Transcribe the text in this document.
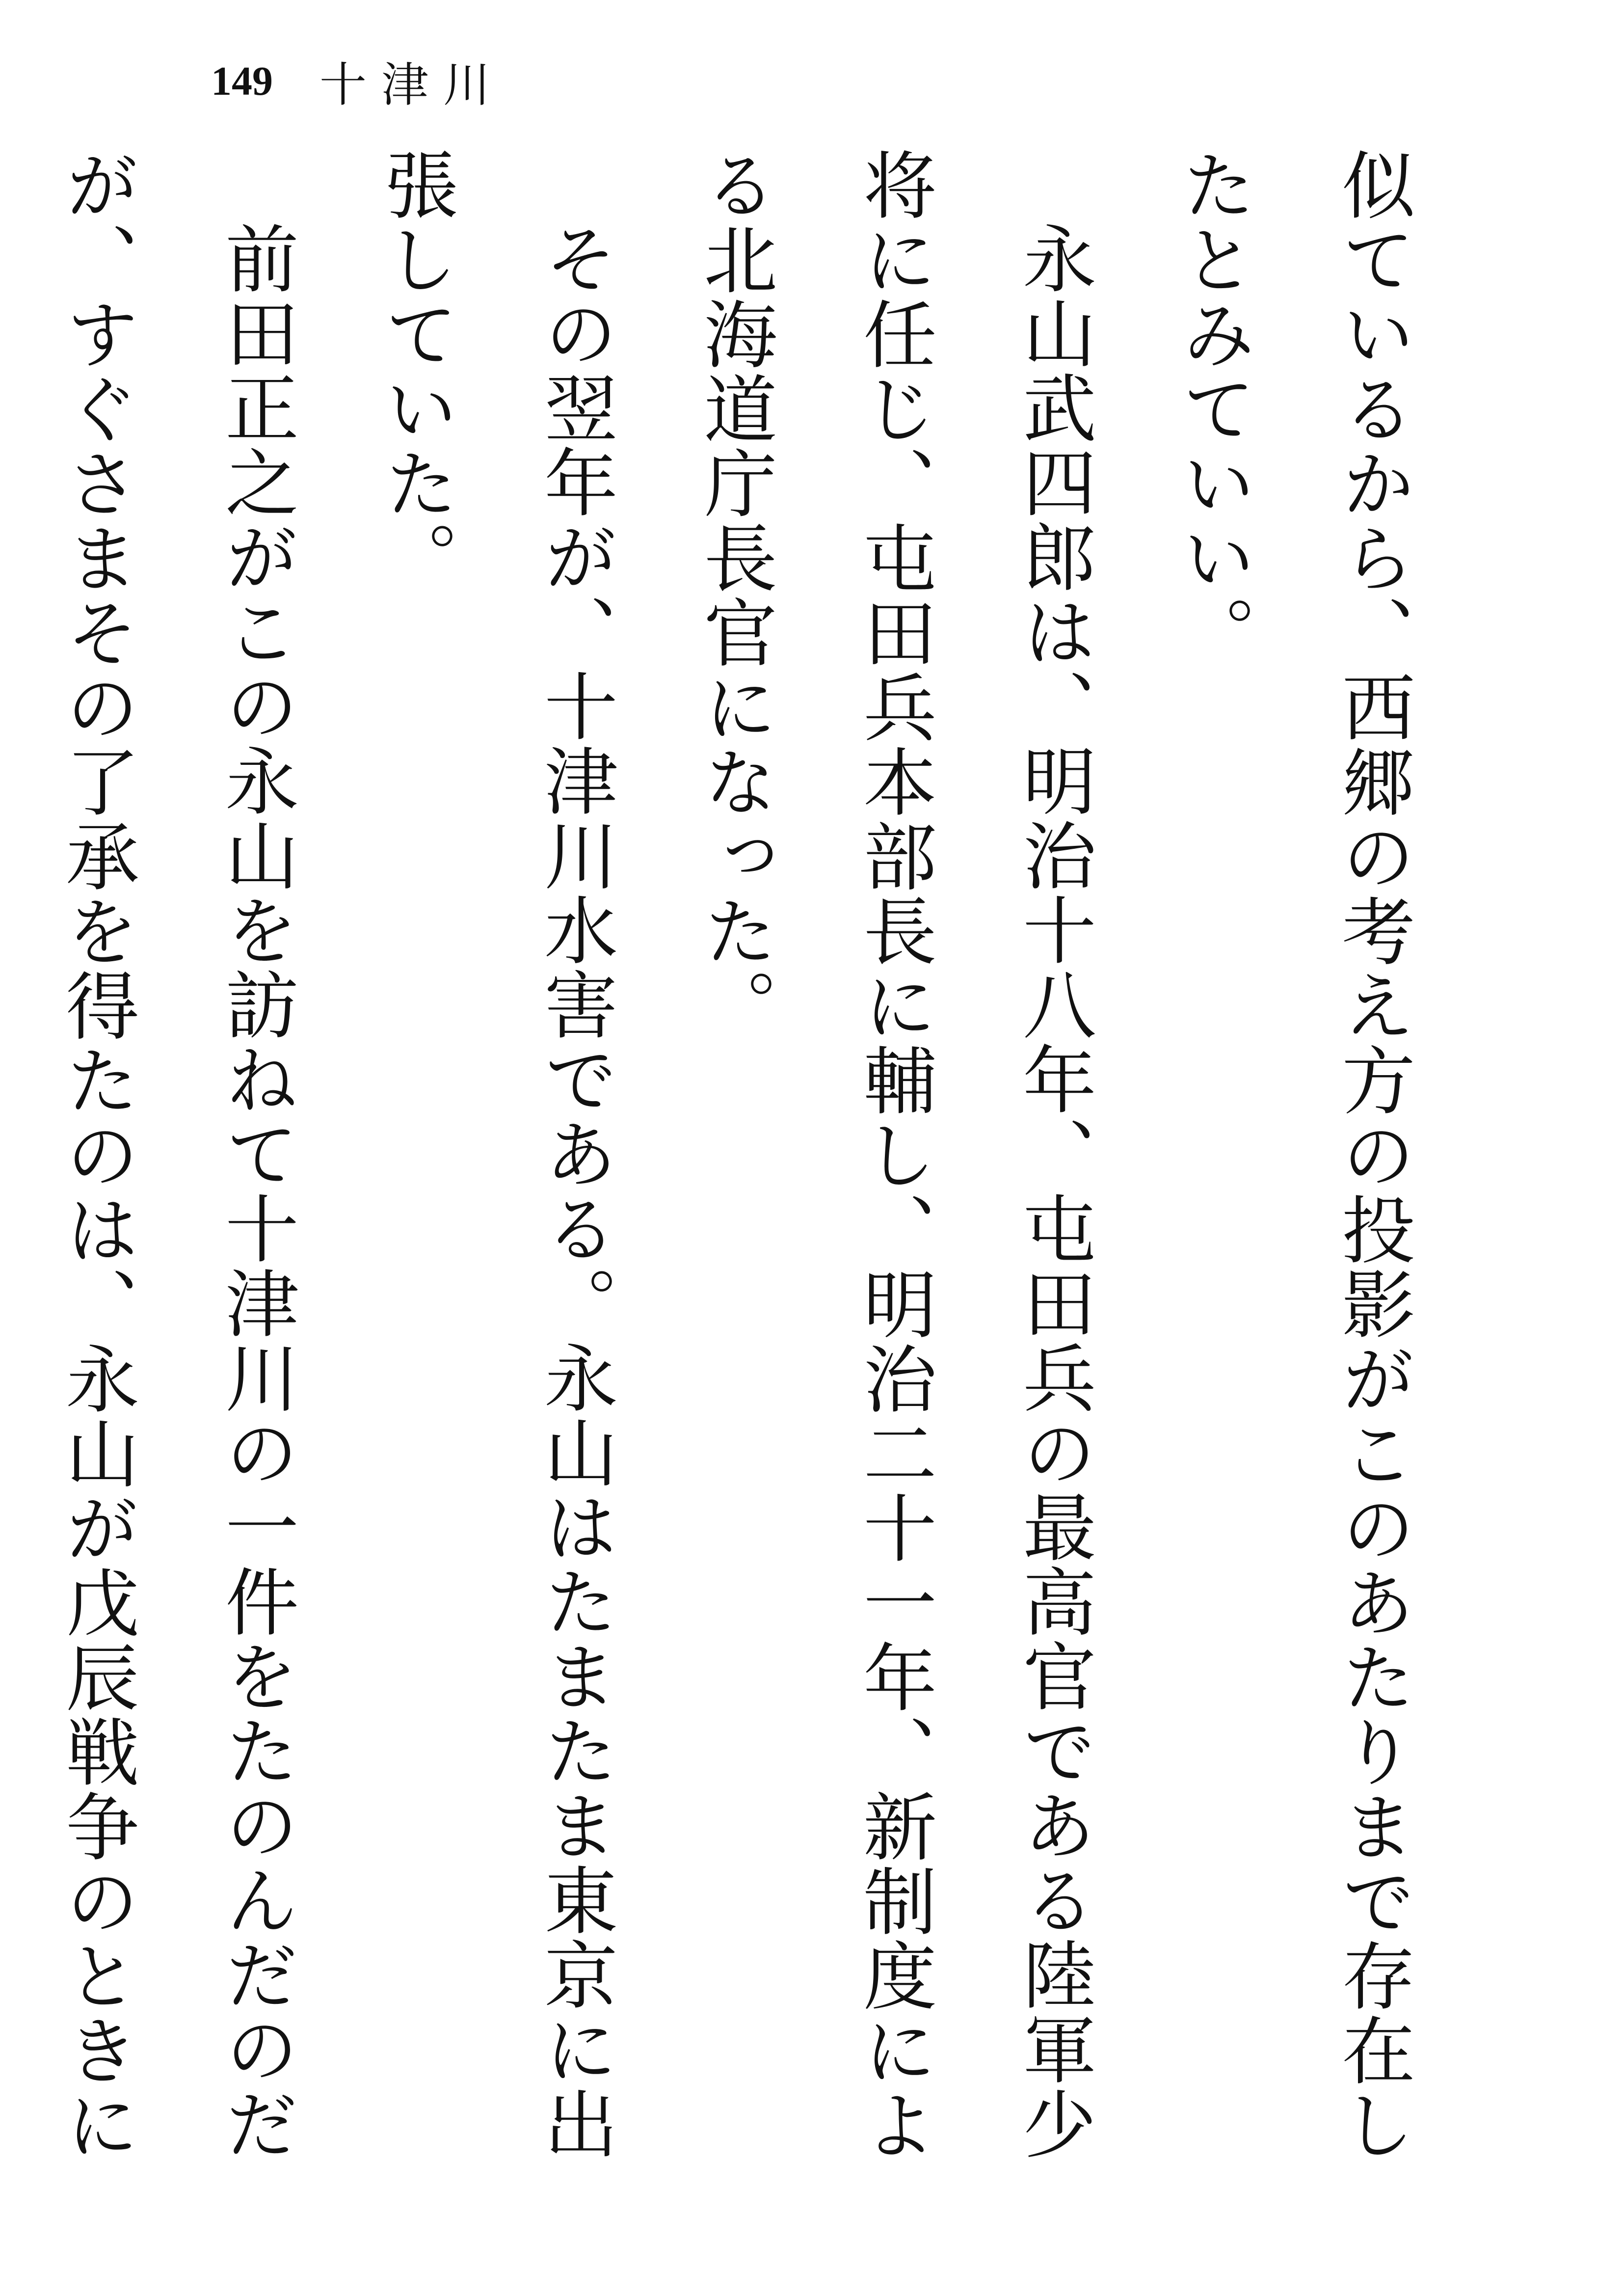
149 十津川

似ているから、西郷の考え方の投影がこのあたりまで存在したとみていい。

永山武四郎は、明治十八年、屯田兵の最高官である陸軍少将に任じ、屯田兵本部長に輔し、明治二十一年、新制度による北海道庁長官になった。

その翌年が、十津川水害である。永山はたまたま東京に出張していた。

前田正之がこの永山を訪ねて十津川の一件をたのんだのだが、すぐさまその了承を得たのは、永山が戊辰戦争のときに
